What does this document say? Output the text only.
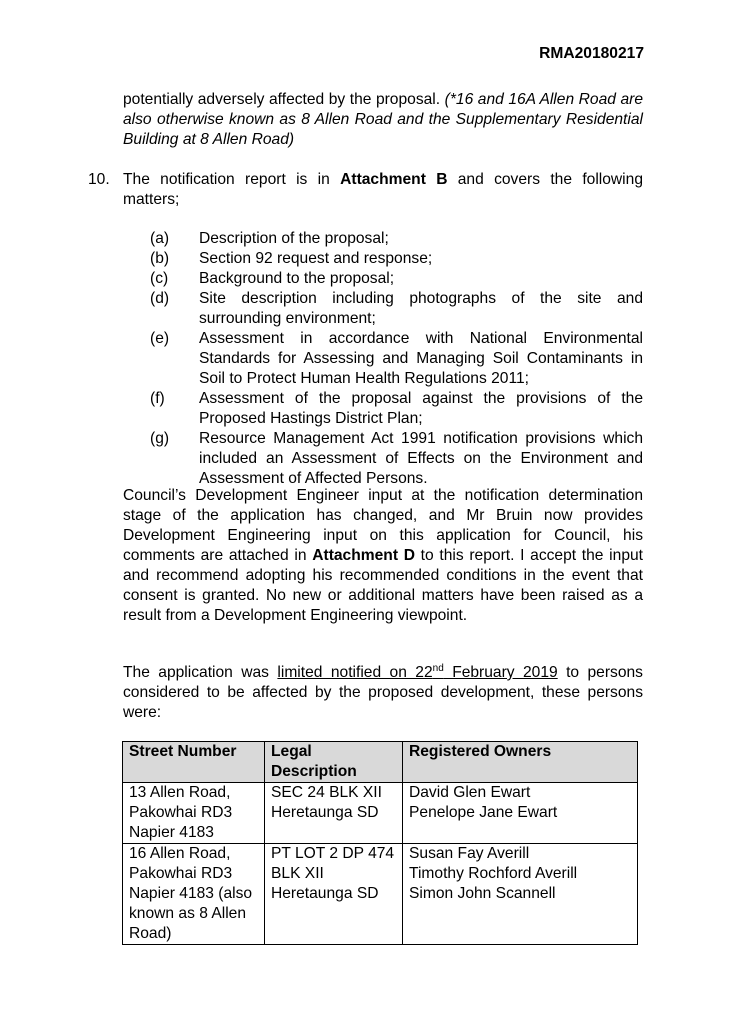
RMA20180217
potentially adversely affected by the proposal. (*16 and 16A Allen Road are also otherwise known as 8 Allen Road and the Supplementary Residential Building at 8 Allen Road)
10. The notification report is in Attachment B and covers the following matters;
(a)	Description of the proposal;
(b)	Section 92 request and response;
(c)	Background to the proposal;
(d)	Site description including photographs of the site and surrounding environment;
(e)	Assessment in accordance with National Environmental Standards for Assessing and Managing Soil Contaminants in Soil to Protect Human Health Regulations 2011;
(f)	Assessment of the proposal against the provisions of the Proposed Hastings District Plan;
(g)	Resource Management Act 1991 notification provisions which included an Assessment of Effects on the Environment and Assessment of Affected Persons.
Council’s Development Engineer input at the notification determination stage of the application has changed, and Mr Bruin now provides Development Engineering input on this application for Council, his comments are attached in Attachment D to this report. I accept the input and recommend adopting his recommended conditions in the event that consent is granted. No new or additional matters have been raised as a result from a Development Engineering viewpoint.
The application was limited notified on 22nd February 2019 to persons considered to be affected by the proposed development, these persons were:
Street Number	Legal Description	Registered Owners
13 Allen Road, Pakowhai RD3 Napier 4183	SEC 24 BLK XII Heretaunga SD	David Glen Ewart
Penelope Jane Ewart

16 Allen Road, Pakowhai RD3 Napier 4183 (also known as 8 Allen Road)	PT LOT 2 DP 474 BLK XII Heretaunga SD	Susan Fay Averill
Timothy Rochford Averill
Simon John Scannell
